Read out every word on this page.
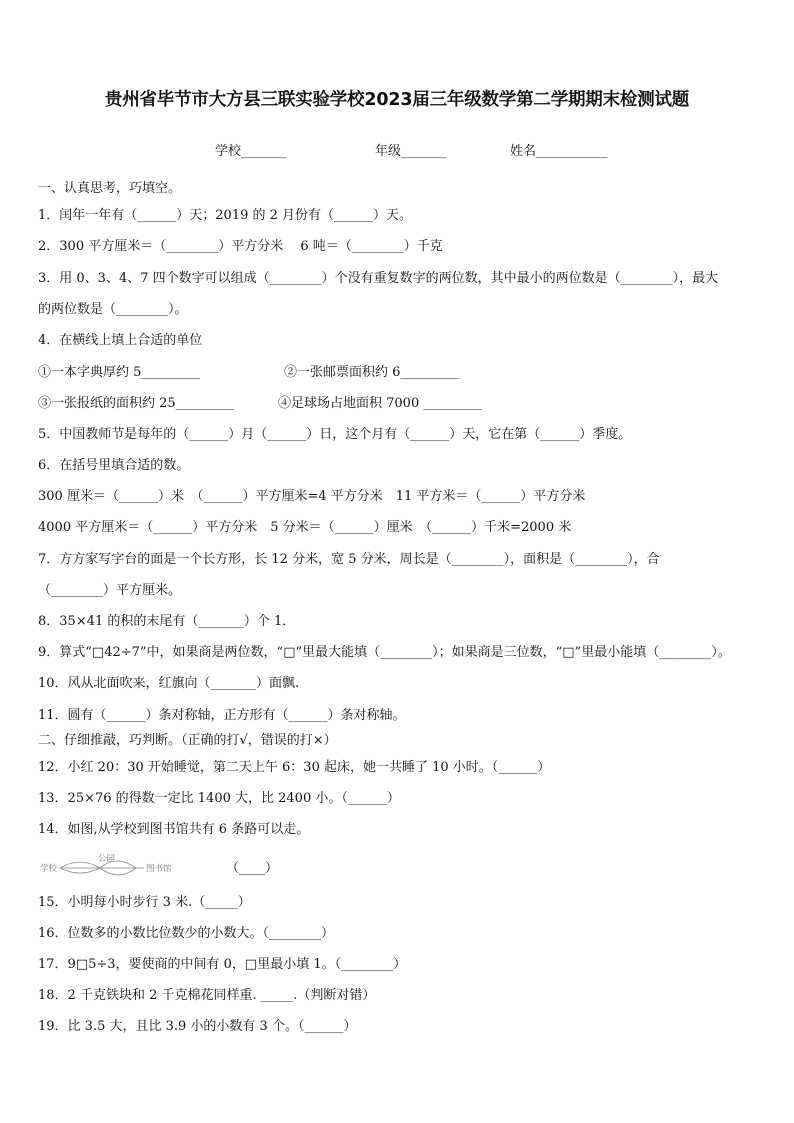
贵州省毕节市大方县三联实验学校2023届三年级数学第二学期期末检测试题
学校_______	年级_______	姓名___________
一、认真思考，巧填空。
1．闰年一年有（______）天；2019 的 2 月份有（______）天。
2．300 平方厘米＝（________）平方分米　 6 吨＝（________）千克
3．用 0、3、4、7 四个数字可以组成（________）个没有重复数字的两位数，其中最小的两位数是（________），最大
的两位数是（________）。
4．在横线上填上合适的单位
①一本字典厚约 5_________	②一张邮票面积约 6_________
③一张报纸的面积约 25_________	④足球场占地面积 7000 _________
5．中国教师节是每年的（______）月（______）日，这个月有（______）天，它在第（______）季度。
6．在括号里填合适的数。
300 厘米＝（______）米　（______）平方厘米=4 平方分米　11 平方米＝（______）平方分米
4000 平方厘米＝（______）平方分米　5 分米＝（______）厘米　（______）千米=2000 米
7．方方家写字台的面是一个长方形，长 12 分米，宽 5 分米，周长是（________），面积是（________），合
（________）平方厘米。
8．35×41 的积的末尾有（_______）个 1．
9．算式“□42÷7”中，如果商是两位数，“□”里最大能填（________）；如果商是三位数，“□”里最小能填（________）。
10．风从北面吹来，红旗向（_______）面飘.
11．圆有（______）条对称轴，正方形有（______）条对称轴。
二、仔细推敲，巧判断。（正确的打√，错误的打×）
12．小红 20：30 开始睡觉，第二天上午 6：30 起床，她一共睡了 10 小时。（______）
13．25×76 的得数一定比 1400 大，比 2400 小。（______）
14．如图,从学校到图书馆共有 6 条路可以走。
学校
公园
图书馆	（____）
15．小明每小时步行 3 米.（_____）
16．位数多的小数比位数少的小数大。（________）
17．9□5÷3，要使商的中间有 0，□里最小填 1。（________）
18．2 千克铁块和 2 千克棉花同样重. _____.（判断对错）
19．比 3.5 大，且比 3.9 小的小数有 3 个。（______）
